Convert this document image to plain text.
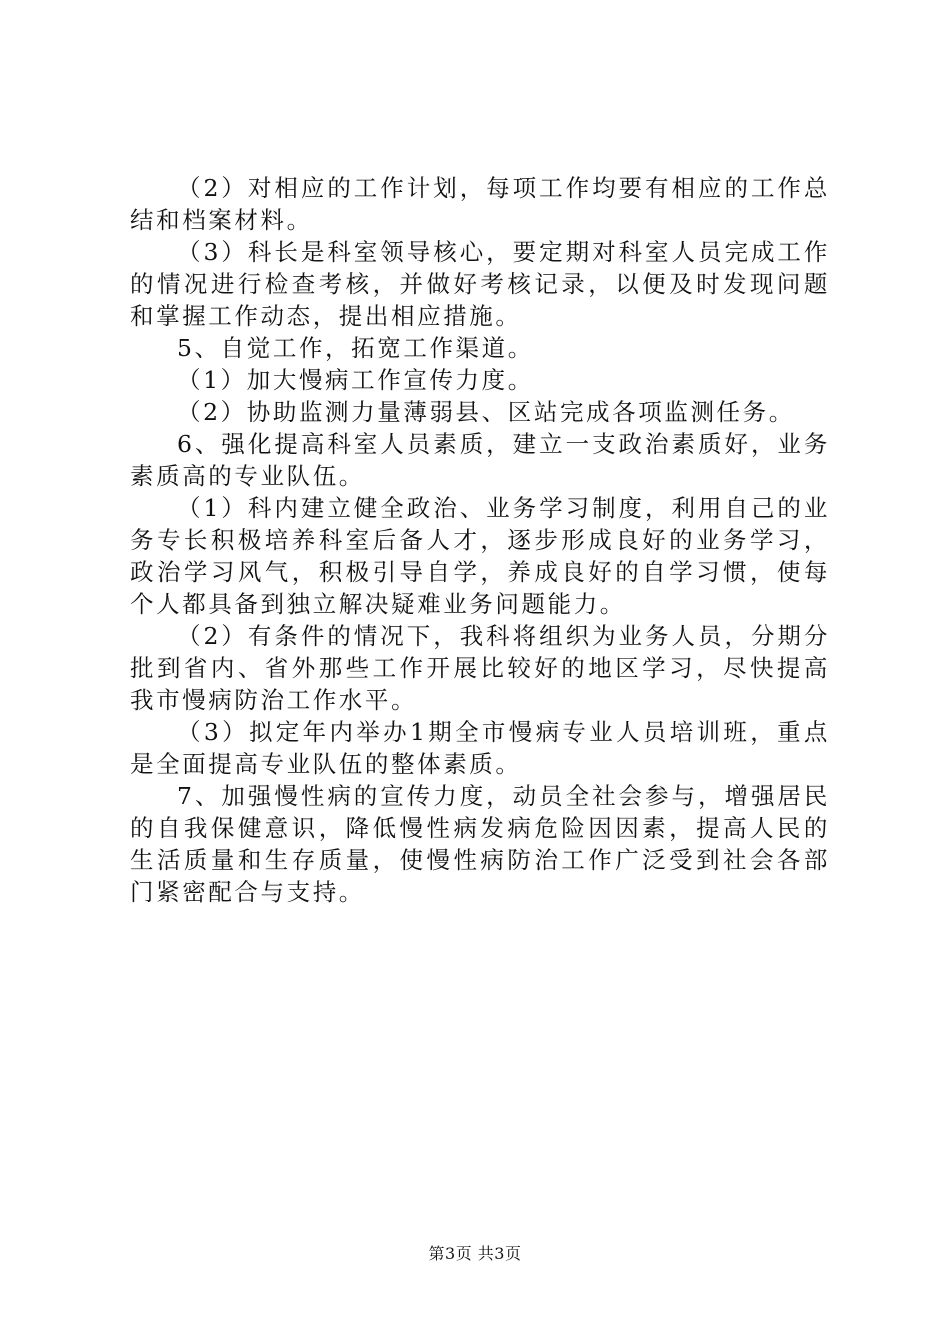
（2）对相应的工作计划，每项工作均要有相应的工作总结和档案材料。

（3）科长是科室领导核心，要定期对科室人员完成工作的情况进行检查考核，并做好考核记录，以便及时发现问题和掌握工作动态，提出相应措施。

5、自觉工作，拓宽工作渠道。

（1）加大慢病工作宣传力度。

（2）协助监测力量薄弱县、区站完成各项监测任务。

6、强化提高科室人员素质，建立一支政治素质好，业务素质高的专业队伍。

（1）科内建立健全政治、业务学习制度，利用自己的业务专长积极培养科室后备人才，逐步形成良好的业务学习，政治学习风气，积极引导自学，养成良好的自学习惯，使每个人都具备到独立解决疑难业务问题能力。

（2）有条件的情况下，我科将组织为业务人员，分期分批到省内、省外那些工作开展比较好的地区学习，尽快提高我市慢病防治工作水平。

（3）拟定年内举办1期全市慢病专业人员培训班，重点是全面提高专业队伍的整体素质。

7、加强慢性病的宣传力度，动员全社会参与，增强居民的自我保健意识，降低慢性病发病危险因因素，提高人民的生活质量和生存质量，使慢性病防治工作广泛受到社会各部门紧密配合与支持。

第3页 共3页
